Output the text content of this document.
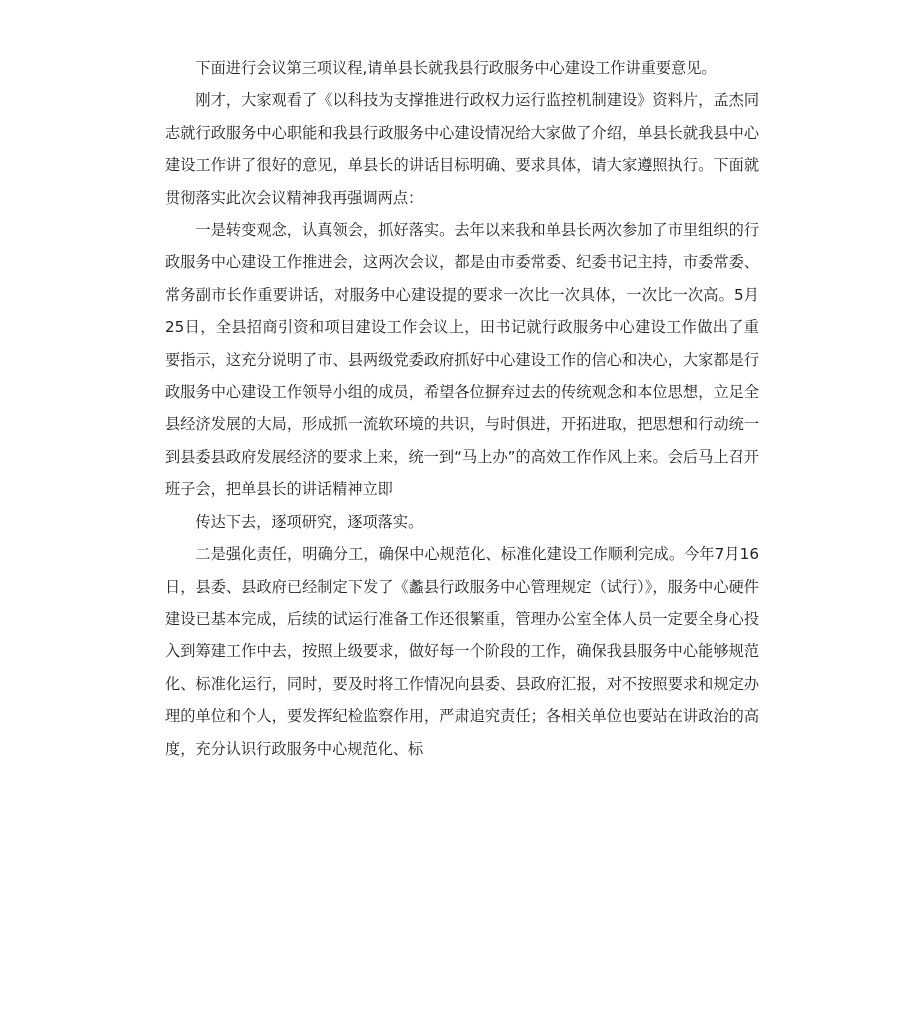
下面进行会议第三项议程,请单县长就我县行政服务中心建设工作讲重要意见。

刚才，大家观看了《以科技为支撑推进行政权力运行监控机制建设》资料片，孟杰同志就行政服务中心职能和我县行政服务中心建设情况给大家做了介绍，单县长就我县中心建设工作讲了很好的意见，单县长的讲话目标明确、要求具体，请大家遵照执行。下面就贯彻落实此次会议精神我再强调两点：

一是转变观念，认真领会，抓好落实。去年以来我和单县长两次参加了市里组织的行政服务中心建设工作推进会，这两次会议，都是由市委常委、纪委书记主持，市委常委、常务副市长作重要讲话，对服务中心建设提的要求一次比一次具体，一次比一次高。5月25日，全县招商引资和项目建设工作会议上，田书记就行政服务中心建设工作做出了重要指示，这充分说明了市、县两级党委政府抓好中心建设工作的信心和决心，大家都是行政服务中心建设工作领导小组的成员，希望各位摒弃过去的传统观念和本位思想，立足全县经济发展的大局，形成抓一流软环境的共识，与时俱进，开拓进取，把思想和行动统一到县委县政府发展经济的要求上来，统一到“马上办”的高效工作作风上来。会后马上召开班子会，把单县长的讲话精神立即

传达下去，逐项研究，逐项落实。

二是强化责任，明确分工，确保中心规范化、标准化建设工作顺利完成。今年7月16日，县委、县政府已经制定下发了《蠡县行政服务中心管理规定（试行）》，服务中心硬件建设已基本完成，后续的试运行准备工作还很繁重，管理办公室全体人员一定要全身心投入到筹建工作中去，按照上级要求，做好每一个阶段的工作，确保我县服务中心能够规范化、标准化运行，同时，要及时将工作情况向县委、县政府汇报，对不按照要求和规定办理的单位和个人，要发挥纪检监察作用，严肃追究责任；各相关单位也要站在讲政治的高度，充分认识行政服务中心规范化、标
